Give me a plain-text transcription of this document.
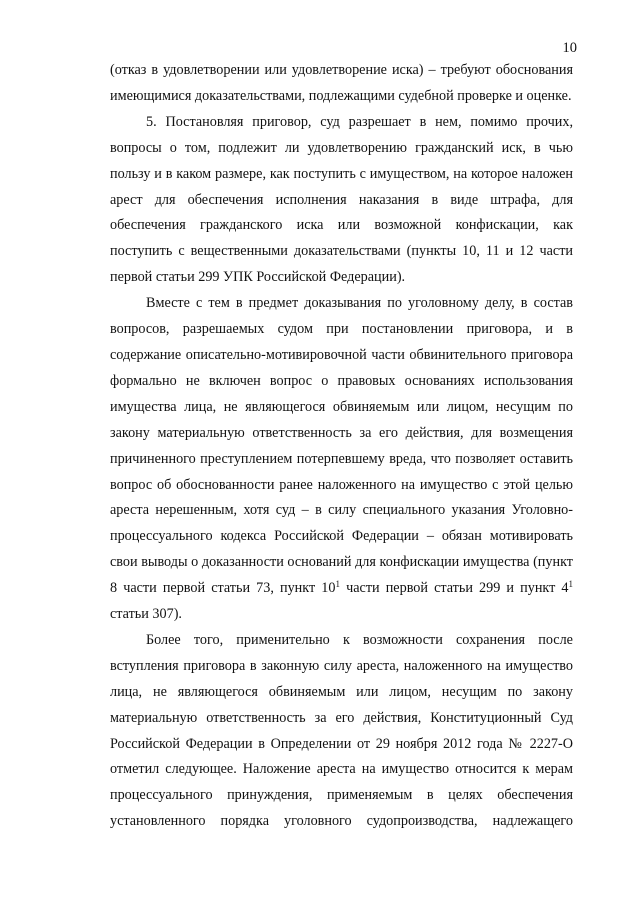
10

(отказ в удовлетворении или удовлетворение иска) – требуют обоснования имеющимися доказательствами, подлежащими судебной проверке и оценке.

5. Постановляя приговор, суд разрешает в нем, помимо прочих, вопросы о том, подлежит ли удовлетворению гражданский иск, в чью пользу и в каком размере, как поступить с имуществом, на которое наложен арест для обеспечения исполнения наказания в виде штрафа, для обеспечения гражданского иска или возможной конфискации, как поступить с вещественными доказательствами (пункты 10, 11 и 12 части первой статьи 299 УПК Российской Федерации).

Вместе с тем в предмет доказывания по уголовному делу, в состав вопросов, разрешаемых судом при постановлении приговора, и в содержание описательно-мотивировочной части обвинительного приговора формально не включен вопрос о правовых основаниях использования имущества лица, не являющегося обвиняемым или лицом, несущим по закону материальную ответственность за его действия, для возмещения причиненного преступлением потерпевшему вреда, что позволяет оставить вопрос об обоснованности ранее наложенного на имущество с этой целью ареста нерешенным, хотя суд – в силу специального указания Уголовно-процессуального кодекса Российской Федерации – обязан мотивировать свои выводы о доказанности оснований для конфискации имущества (пункт 8 части первой статьи 73, пункт $10^1$ части первой статьи 299 и пункт $4^1$ статьи 307).

Более того, применительно к возможности сохранения после вступления приговора в законную силу ареста, наложенного на имущество лица, не являющегося обвиняемым или лицом, несущим по закону материальную ответственность за его действия, Конституционный Суд Российской Федерации в Определении от 29 ноября 2012 года № 2227-О отметил следующее. Наложение ареста на имущество относится к мерам процессуального принуждения, применяемым в целях обеспечения установленного порядка уголовного судопроизводства, надлежащего
